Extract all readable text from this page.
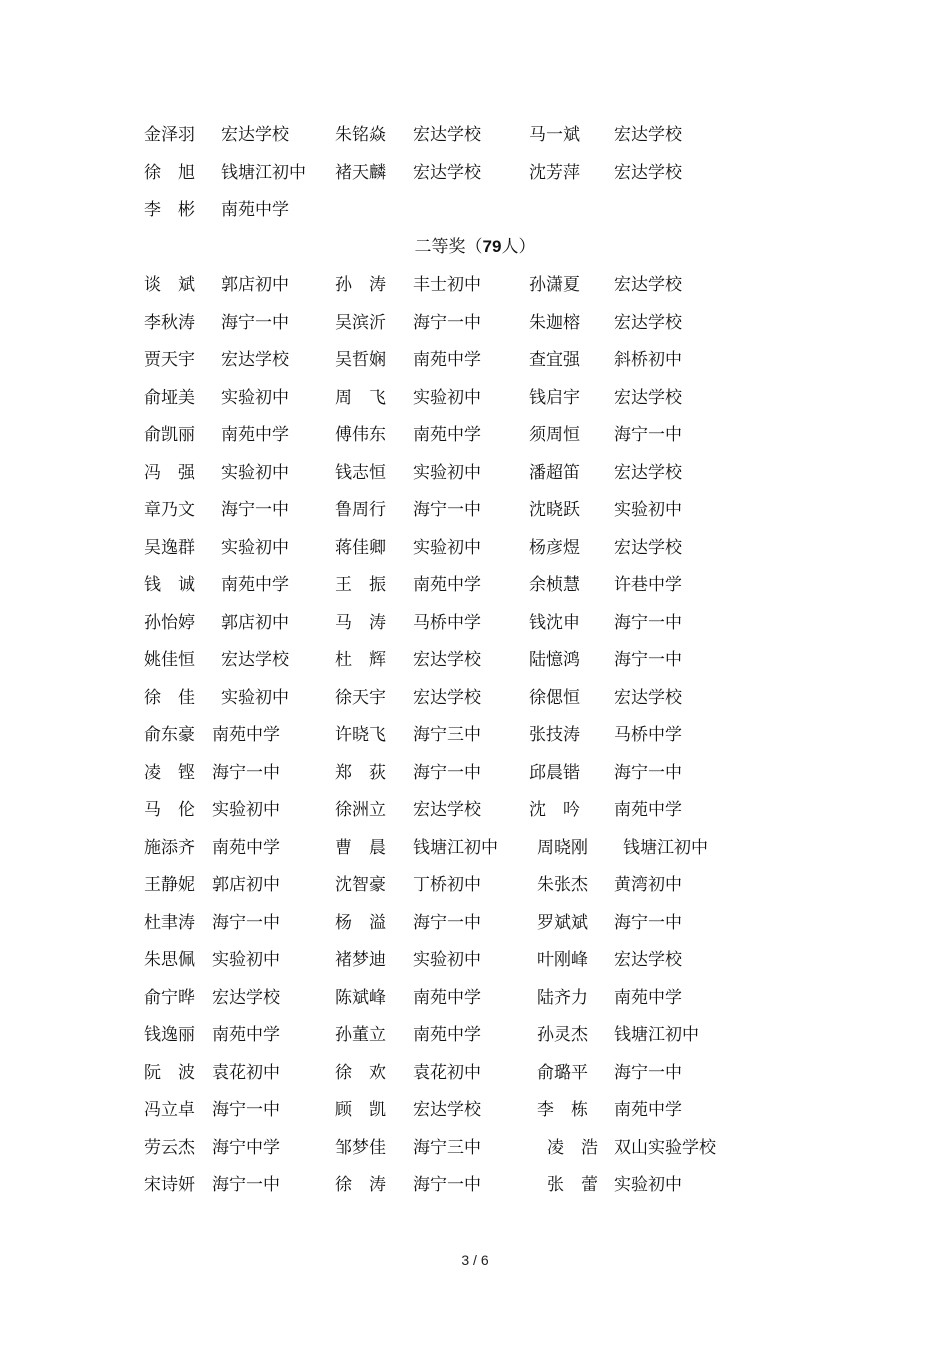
金泽羽 宏达学校	朱铭焱 宏达学校	马一斌 宏达学校
徐　旭 钱塘江初中 褚天麟 宏达学校	沈芳萍 宏达学校
李　彬 南苑中学
二等奖（79人）
谈　斌 郭店初中	孙　涛 丰士初中	孙潇夏 宏达学校
李秋涛 海宁一中	吴滨沂 海宁一中	朱迦榕 宏达学校
贾天宇 宏达学校	吴哲娴 南苑中学	查宜强 斜桥初中
俞垭美 实验初中	周　飞 实验初中	钱启宇 宏达学校
俞凯丽 南苑中学	傅伟东 南苑中学	须周恒 海宁一中
冯　强 实验初中	钱志恒 实验初中	潘超笛 宏达学校
章乃文 海宁一中	鲁周行 海宁一中	沈晓跃 实验初中
吴逸群 实验初中	蒋佳卿 实验初中	杨彦煜 宏达学校
钱　诚 南苑中学	王　振 南苑中学	余桢慧 许巷中学
孙怡婷 郭店初中	马　涛 马桥中学	钱沈申 海宁一中
姚佳恒 宏达学校	杜　辉 宏达学校	陆憶鸿 海宁一中
徐　佳 实验初中	徐天宇 宏达学校	徐偲恒 宏达学校
俞东豪 南苑中学	许晓飞 海宁三中	张技涛 马桥中学
凌　铿 海宁一中	郑　荻 海宁一中	邱晨锴 海宁一中
马　伦 实验初中	徐洲立 宏达学校	沈　吟 南苑中学
施添齐 南苑中学	曹　晨 钱塘江初中 周晓刚 钱塘江初中
王静妮 郭店初中	沈智豪 丁桥初中	朱张杰 黄湾初中
杜聿涛 海宁一中	杨　溢 海宁一中	罗斌斌 海宁一中
朱思佩 实验初中	褚梦迪 实验初中	叶刚峰 宏达学校
俞宁晔 宏达学校	陈斌峰 南苑中学	陆齐力 南苑中学
钱逸丽 南苑中学	孙董立 南苑中学	孙灵杰 钱塘江初中
阮　波 袁花初中	徐　欢 袁花初中	俞璐平 海宁一中
冯立卓 海宁一中	顾　凯 宏达学校	李　栋 南苑中学
劳云杰 海宁中学	邹梦佳 海宁三中	凌　浩 双山实验学校
宋诗妍 海宁一中	徐　涛 海宁一中	张　蕾 实验初中
3 / 6
